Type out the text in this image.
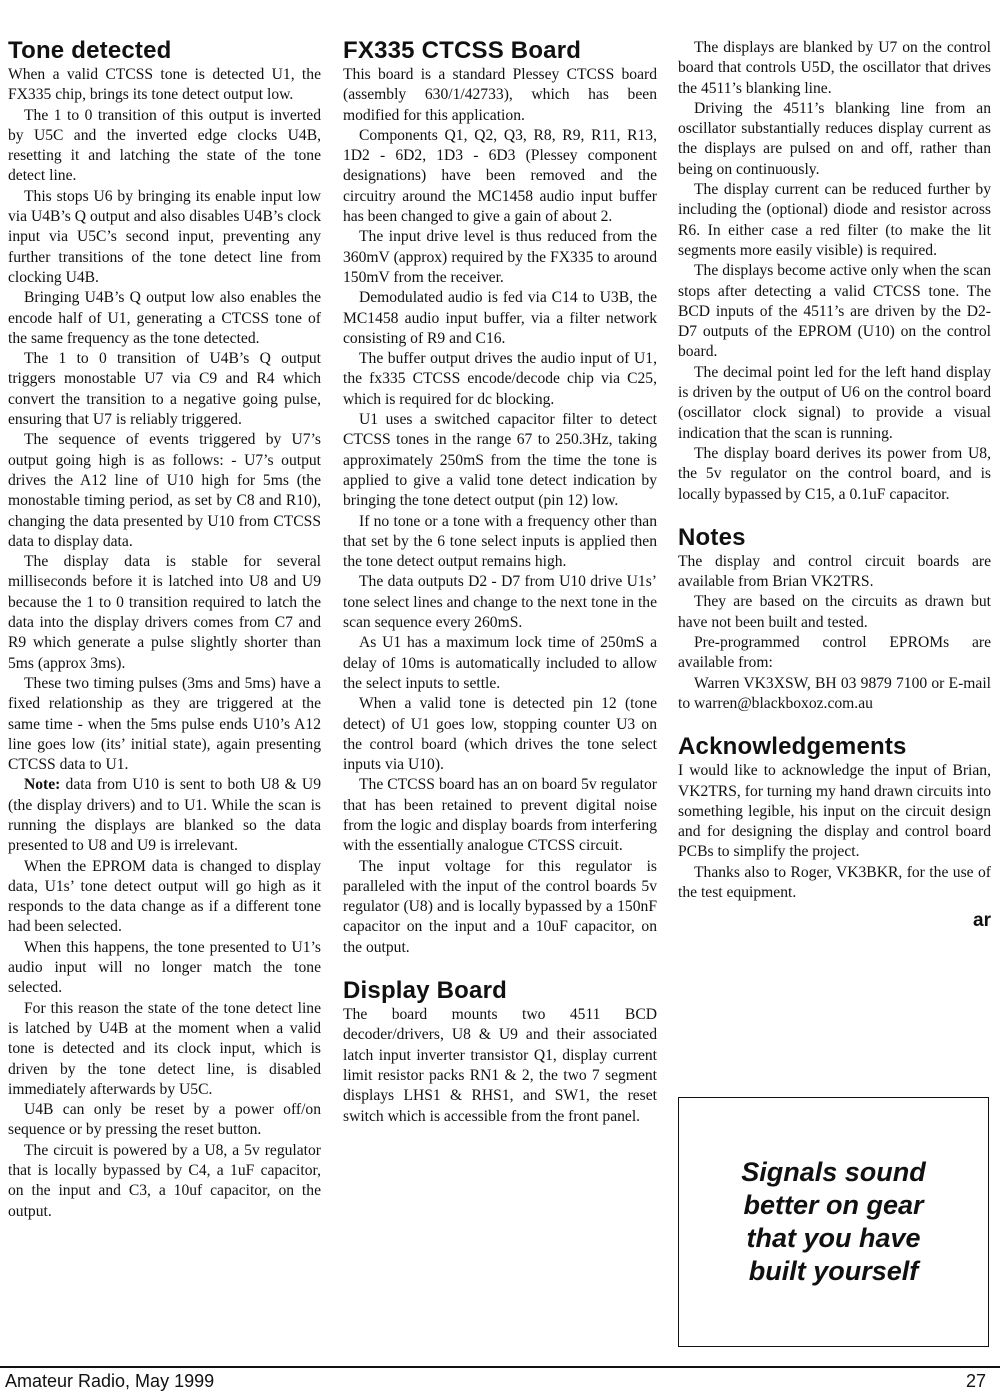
Tone detected

When a valid CTCSS tone is detected U1, the FX335 chip, brings its tone detect output low.

The 1 to 0 transition of this output is inverted by U5C and the inverted edge clocks U4B, resetting it and latching the state of the tone detect line.

This stops U6 by bringing its enable input low via U4B’s Q output and also disables U4B’s clock input via U5C’s second input, preventing any further transitions of the tone detect line from clocking U4B.

Bringing U4B’s Q output low also enables the encode half of U1, generating a CTCSS tone of the same frequency as the tone detected.

The 1 to 0 transition of U4B’s Q output triggers monostable U7 via C9 and R4 which convert the transition to a negative going pulse, ensuring that U7 is reliably triggered.

The sequence of events triggered by U7’s output going high is as follows: - U7’s output drives the A12 line of U10 high for 5ms (the monostable timing period, as set by C8 and R10), changing the data presented by U10 from CTCSS data to display data.

The display data is stable for several milliseconds before it is latched into U8 and U9 because the 1 to 0 transition required to latch the data into the display drivers comes from C7 and R9 which generate a pulse slightly shorter than 5ms (approx 3ms).

These two timing pulses (3ms and 5ms) have a fixed relationship as they are triggered at the same time - when the 5ms pulse ends U10’s A12 line goes low (its’ initial state), again presenting CTCSS data to U1.

Note: data from U10 is sent to both U8 & U9 (the display drivers) and to U1. While the scan is running the displays are blanked so the data presented to U8 and U9 is irrelevant.

When the EPROM data is changed to display data, U1s’ tone detect output will go high as it responds to the data change as if a different tone had been selected.

When this happens, the tone presented to U1’s audio input will no longer match the tone selected.

For this reason the state of the tone detect line is latched by U4B at the moment when a valid tone is detected and its clock input, which is driven by the tone detect line, is disabled immediately afterwards by U5C.

U4B can only be reset by a power off/on sequence or by pressing the reset button.

The circuit is powered by a U8, a 5v regulator that is locally bypassed by C4, a 1uF capacitor, on the input and C3, a 10uf capacitor, on the output.

FX335 CTCSS Board

This board is a standard Plessey CTCSS board (assembly 630/1/42733), which has been modified for this application.

Components Q1, Q2, Q3, R8, R9, R11, R13, 1D2 - 6D2, 1D3 - 6D3 (Plessey component designations) have been removed and the circuitry around the MC1458 audio input buffer has been changed to give a gain of about 2.

The input drive level is thus reduced from the 360mV (approx) required by the FX335 to around 150mV from the receiver.

Demodulated audio is fed via C14 to U3B, the MC1458 audio input buffer, via a filter network consisting of R9 and C16.

The buffer output drives the audio input of U1, the fx335 CTCSS encode/decode chip via C25, which is required for dc blocking.

U1 uses a switched capacitor filter to detect CTCSS tones in the range 67 to 250.3Hz, taking approximately 250mS from the time the tone is applied to give a valid tone detect indication by bringing the tone detect output (pin 12) low.

If no tone or a tone with a frequency other than that set by the 6 tone select inputs is applied then the tone detect output remains high.

The data outputs D2 - D7 from U10 drive U1s’ tone select lines and change to the next tone in the scan sequence every 260mS.

As U1 has a maximum lock time of 250mS a delay of 10ms is automatically included to allow the select inputs to settle.

When a valid tone is detected pin 12 (tone detect) of U1 goes low, stopping counter U3 on the control board (which drives the tone select inputs via U10).

The CTCSS board has an on board 5v regulator that has been retained to prevent digital noise from the logic and display boards from interfering with the essentially analogue CTCSS circuit.

The input voltage for this regulator is paralleled with the input of the control boards 5v regulator (U8) and is locally bypassed by a 150nF capacitor on the input and a 10uF capacitor, on the output.

Display Board

The board mounts two 4511 BCD decoder/drivers, U8 & U9 and their associated latch input inverter transistor Q1, display current limit resistor packs RN1 & 2, the two 7 segment displays LHS1 & RHS1, and SW1, the reset switch which is accessible from the front panel.

The displays are blanked by U7 on the control board that controls U5D, the oscillator that drives the 4511’s blanking line.

Driving the 4511’s blanking line from an oscillator substantially reduces display current as the displays are pulsed on and off, rather than being on continuously.

The display current can be reduced further by including the (optional) diode and resistor across R6. In either case a red filter (to make the lit segments more easily visible) is required.

The displays become active only when the scan stops after detecting a valid CTCSS tone. The BCD inputs of the 4511’s are driven by the D2-D7 outputs of the EPROM (U10) on the control board.

The decimal point led for the left hand display is driven by the output of U6 on the control board (oscillator clock signal) to provide a visual indication that the scan is running.

The display board derives its power from U8, the 5v regulator on the control board, and is locally bypassed by C15, a 0.1uF capacitor.

Notes

The display and control circuit boards are available from Brian VK2TRS.

They are based on the circuits as drawn but have not been built and tested.

Pre-programmed control EPROMs are available from:

Warren VK3XSW, BH 03 9879 7100 or E-mail to warren@blackboxoz.com.au

Acknowledgements

I would like to acknowledge the input of Brian, VK2TRS, for turning my hand drawn circuits into something legible, his input on the circuit design and for designing the display and control board PCBs to simplify the project.

Thanks also to Roger, VK3BKR, for the use of the test equipment.

ar
Signals sound
better on gear
that you have
built yourself
Amateur Radio, May 1999	27
